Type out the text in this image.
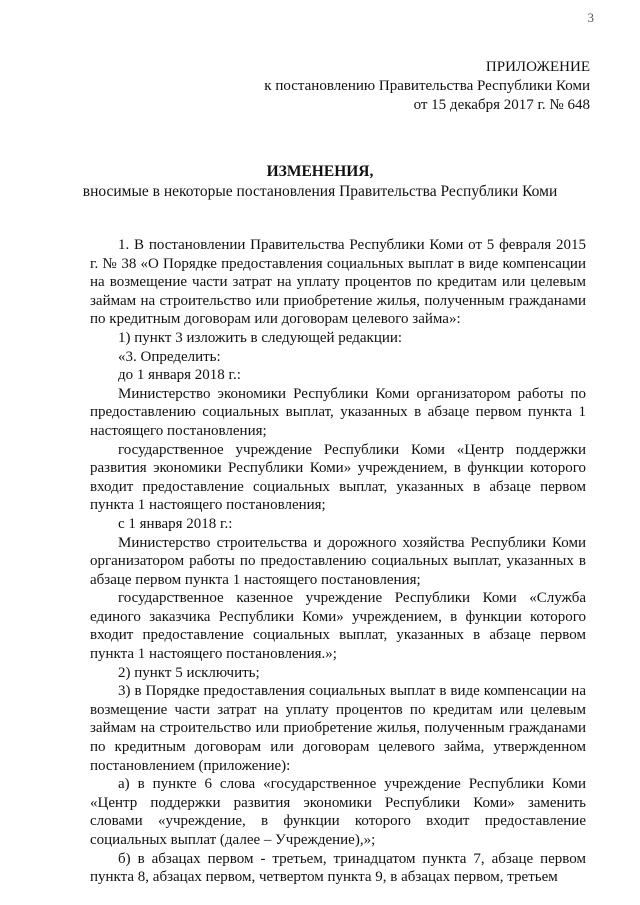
3
ПРИЛОЖЕНИЕ
к постановлению Правительства Республики Коми
от 15 декабря 2017 г. № 648
ИЗМЕНЕНИЯ,
вносимые в некоторые постановления Правительства Республики Коми

1. В постановлении Правительства Республики Коми от 5 февраля 2015 г. № 38 «О Порядке предоставления социальных выплат в виде компенсации на возмещение части затрат на уплату процентов по кредитам или целевым займам на строительство или приобретение жилья, полученным гражданами по кредитным договорам или договорам целевого займа»:

1) пункт 3 изложить в следующей редакции:

«3. Определить:

до 1 января 2018 г.:

Министерство экономики Республики Коми организатором работы по предоставлению социальных выплат, указанных в абзаце первом пункта 1 настоящего постановления;

государственное учреждение Республики Коми «Центр поддержки развития экономики Республики Коми» учреждением, в функции которого входит предоставление социальных выплат, указанных в абзаце первом пункта 1 настоящего постановления;

с 1 января 2018 г.:

Министерство строительства и дорожного хозяйства Республики Коми организатором работы по предоставлению социальных выплат, указанных в абзаце первом пункта 1 настоящего постановления;

государственное казенное учреждение Республики Коми «Служба единого заказчика Республики Коми» учреждением, в функции которого входит предоставление социальных выплат, указанных в абзаце первом пункта 1 настоящего постановления.»;

2) пункт 5 исключить;

3) в Порядке предоставления социальных выплат в виде компенсации на возмещение части затрат на уплату процентов по кредитам или целевым займам на строительство или приобретение жилья, полученным гражданами по кредитным договорам или договорам целевого займа, утвержденном постановлением (приложение):

а) в пункте 6 слова «государственное учреждение Республики Коми «Центр поддержки развития экономики Республики Коми» заменить словами «учреждение, в функции которого входит предоставление социальных выплат (далее – Учреждение),»;

б) в абзацах первом - третьем, тринадцатом пункта 7, абзаце первом пункта 8, абзацах первом, четвертом пункта 9, в абзацах первом, третьем
